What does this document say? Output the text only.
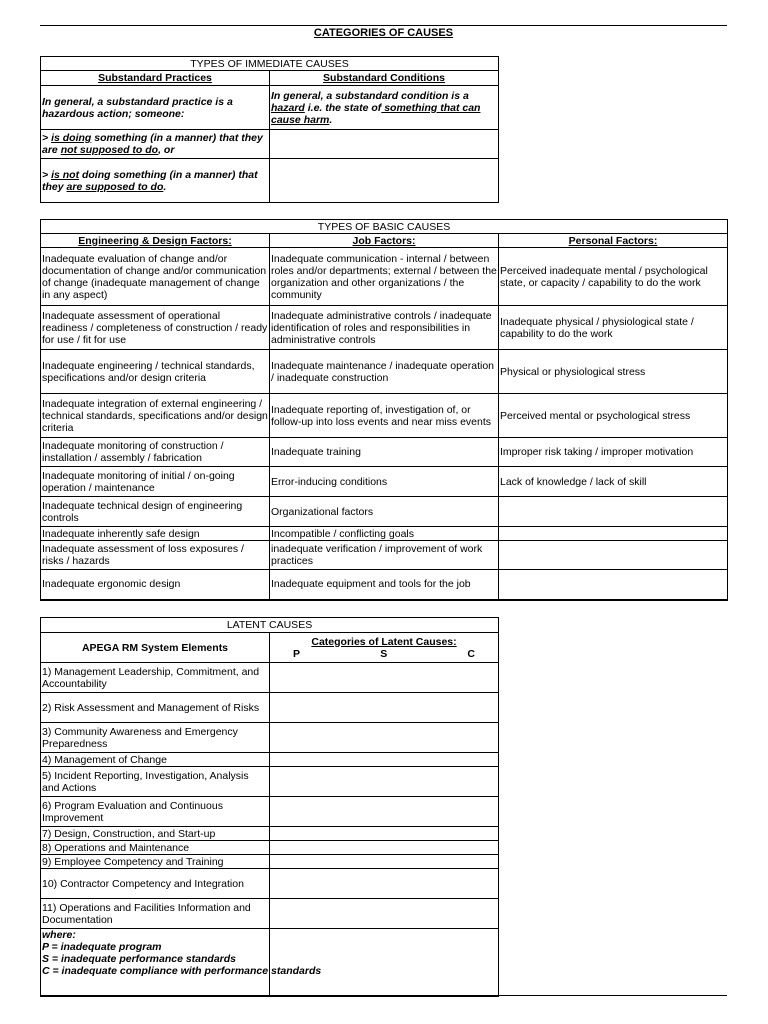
CATEGORIES OF CAUSES
TYPES OF IMMEDIATE CAUSES	
Substandard Practices	Substandard Conditions
In general, a substandard practice is a hazardous action; someone:	In general, a substandard condition is a hazard i.e. the state of something that can cause harm.
> is doing something (in a manner) that they are not supposed to do, or	
> is not doing something (in a manner) that they are supposed to do.	
TYPES OF BASIC CAUSES		
Engineering & Design Factors:	Job Factors:	Personal Factors:
Inadequate evaluation of change and/or documentation of change and/or communication of change (inadequate management of change in any aspect)	Inadequate communication - internal / between roles and/or departments; external / between the organization and other organizations / the community	Perceived inadequate mental / psychological state, or capacity / capability to do the work
Inadequate assessment of operational readiness / completeness of construction / ready for use / fit for use	Inadequate administrative controls / inadequate identification of roles and responsibilities in administrative controls	Inadequate physical / physiological state / capability to do the work
Inadequate engineering / technical standards, specifications and/or design criteria	Inadequate maintenance / inadequate operation / inadequate construction	Physical or physiological stress
Inadequate integration of external engineering / technical standards, specifications and/or design criteria	Inadequate reporting of, investigation of, or follow-up into loss events and near miss events	Perceived mental or psychological stress
Inadequate monitoring of construction / installation / assembly / fabrication	Inadequate training	Improper risk taking / improper motivation
Inadequate monitoring of initial / on-going operation / maintenance	Error-inducing conditions	Lack of knowledge / lack of skill
Inadequate technical design of engineering controls	Organizational factors	
Inadequate inherently safe design	Incompatible / conflicting goals	
Inadequate assessment of loss exposures / risks / hazards	inadequate verification / improvement of work practices	
Inadequate ergonomic design	Inadequate equipment and tools for the job	
LATENT CAUSES	
APEGA RM System Elements	Categories of Latent Causes:
P S C

1) Management Leadership, Commitment, and Accountability	
2) Risk Assessment and Management of Risks	
3) Community Awareness and Emergency Preparedness	
4) Management of Change	
5) Incident Reporting, Investigation, Analysis and Actions	
6) Program Evaluation and Continuous Improvement	
7) Design, Construction, and Start-up	
8) Operations and Maintenance	
9) Employee Competency and Training	
10) Contractor Competency and Integration	
11) Operations and Facilities Information and Documentation	

where:
P = inadequate program
S = inadequate performance standards
C = inadequate compliance with performance standards	
